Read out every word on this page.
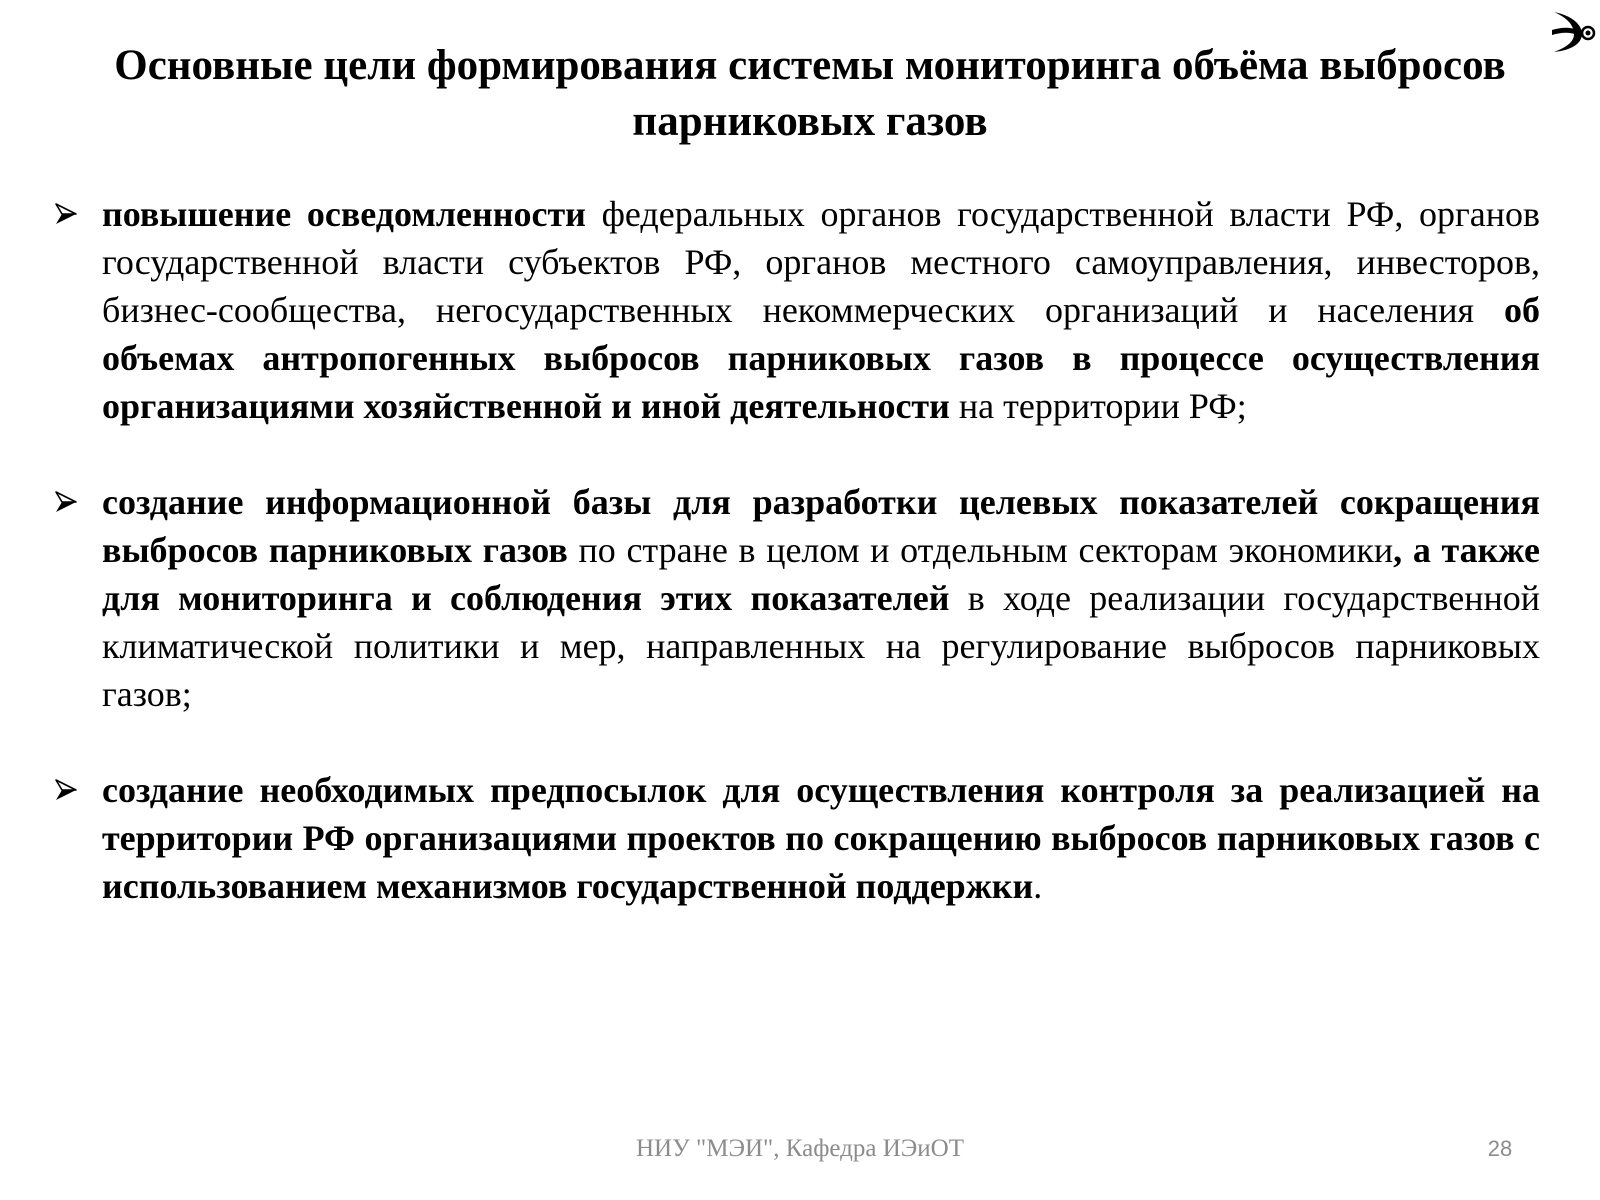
Основные цели формирования системы мониторинга объёма выбросов парниковых газов
повышение осведомленности федеральных органов государственной власти РФ, органов государственной власти субъектов РФ, органов местного самоуправления, инвесторов, бизнес-сообщества, негосударственных некоммерческих организаций и населения об объемах антропогенных выбросов парниковых газов в процессе осуществления организациями хозяйственной и иной деятельности на территории РФ;
создание информационной базы для разработки целевых показателей сокращения выбросов парниковых газов по стране в целом и отдельным секторам экономики, а также для мониторинга и соблюдения этих показателей в ходе реализации государственной климатической политики и мер, направленных на регулирование выбросов парниковых газов;
создание необходимых предпосылок для осуществления контроля за реализацией на территории РФ организациями проектов по сокращению выбросов парниковых газов с использованием механизмов государственной поддержки.
НИУ "МЭИ", Кафедра ИЭиОТ	28
